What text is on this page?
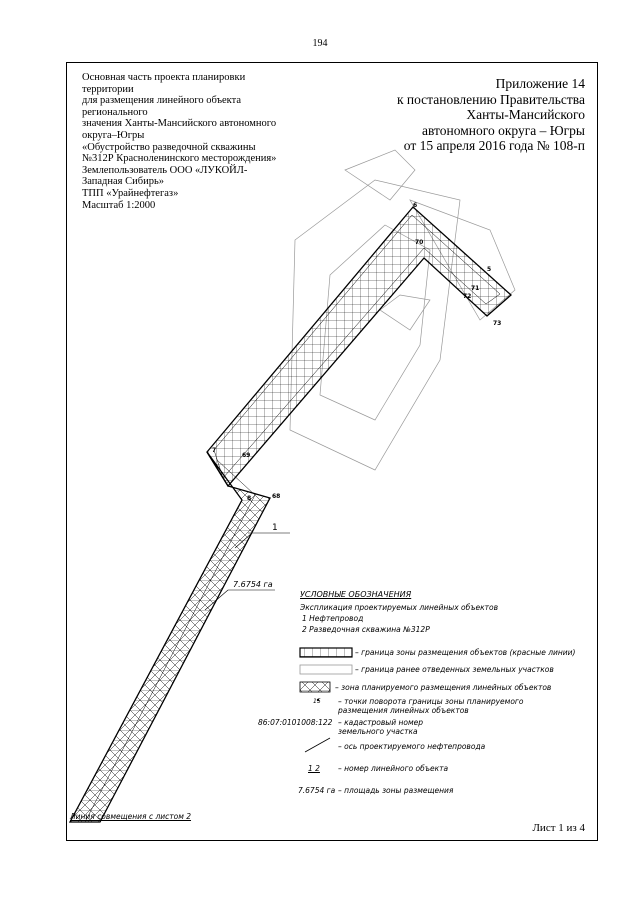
194
Основная часть проекта планировки
территории
для размещения линейного объекта
регионального
значения Ханты-Мансийского автономного
округа–Югры
«Обустройство разведочной скважины
№312Р Красноленинского месторождения»
Землепользователь ООО «ЛУКОЙЛ-
Западная Сибирь»
ТПП «Урайнефтегаз»
Масштаб 1:2000
Приложение 14
к постановлению Правительства
Ханты-Мансийского
автономного округа – Югры
от 15 апреля 2016 года № 108-п
6
70
5
71
72
73
7
69
8	68
1
7.6754 га
УСЛОВНЫЕ ОБОЗНАЧЕНИЯ
Экспликация проектируемых линейных объектов
1 Нефтепровод
2 Разведочная скважина №312Р
– граница зоны размещения объектов (красные линии)
– граница ранее отведенных земельных участков
– зона планируемого размещения линейных объектов
15 – точки поворота границы зоны планируемого размещения линейных объектов
86:07:0101008:122 – кадастровый номер земельного участка
– ось проектируемого нефтепровода
1 2 – номер линейного объекта
7.6754 га – площадь зоны размещения
Линия совмещения с листом 2
Лист 1 из 4
